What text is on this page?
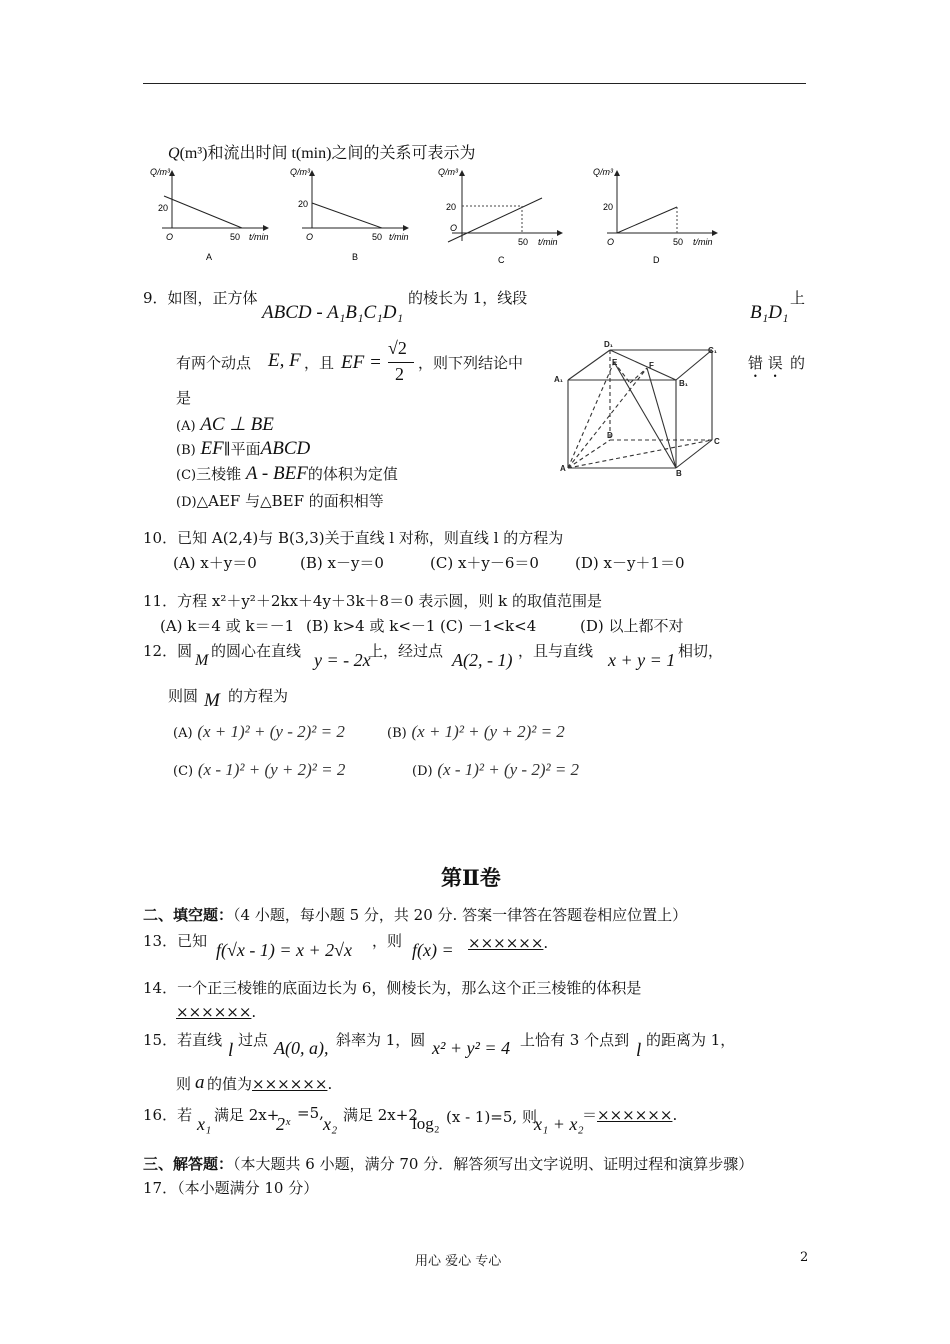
Q(m³)和流出时间 t(min)之间的关系可表示为
Q/m³
20
O	50 t/min
A
Q/m³
20
O	50 t/min
B
Q/m³
20
O
50 t/min
C
Q/m³
20
O	50 t/min
D
9．如图，正方体
ABCD - A₁B₁C₁D₁
的棱长为 1，线段
B₁D₁
上
有两个动点 E, F ，且 EF =
√2
2
，则下列结论中	错 误 的
是
(A) AC ⊥ BE
(B) EF∥平面ABCD
(C)三棱锥 A - BEF的体积为定值
(D)△AEF 与△BEF 的面积相等
D₁
C₁
A₁	B₁
E	F
D
C
A
B
10．已知 A(2,4)与 B(3,3)关于直线 l 对称，则直线 l 的方程为
(A) x＋y＝0	(B) x－y＝0	(C) x＋y－6＝0 (D) x－y＋1＝0
11．方程 x²＋y²＋2kx＋4y＋3k＋8＝0 表示圆，则 k 的取值范围是
(A) k＝4 或 k＝－1 (B) k>4 或 k<－1 (C) －1<k<4	(D) 以上都不对
12．圆
M
的圆心在直线 y = - 2x
上，经过点 A(2, - 1) ，且与直线 x + y = 1 相切，
则圆 M 的方程为
(A) (x + 1)² + (y - 2)² = 2	(B) (x + 1)² + (y + 2)² = 2
(C) (x - 1)² + (y + 2)² = 2	(D) (x - 1)² + (y - 2)² = 2
第Ⅱ卷
二、填空题：（4 小题，每小题 5 分，共 20 分. 答案一律答在答题卷相应位置上）
13．已知 f(√x - 1) = x + 2√x ，则 f(x) = ××××××.
14．一个正三棱锥的底面边长为 6，侧棱长为，那么这个正三棱锥的体积是
××××××.
15．若直线 l 过点 A(0, a), 斜率为 1，圆 x² + y² = 4 上恰有 3 个点到 l 的距离为 1，
则 a 的值为××××××.
16．若 x₁ 满足 2x+
2ˣ
=5,
x₂ 满足 2x+2
log₂ (x - 1)=5, 则
x₁ + x₂
＝××××××.
三、解答题：（本大题共 6 小题，满分 70 分．解答须写出文字说明、证明过程和演算步骤）
17．（本小题满分 10 分）
用心 爱心 专心	2
